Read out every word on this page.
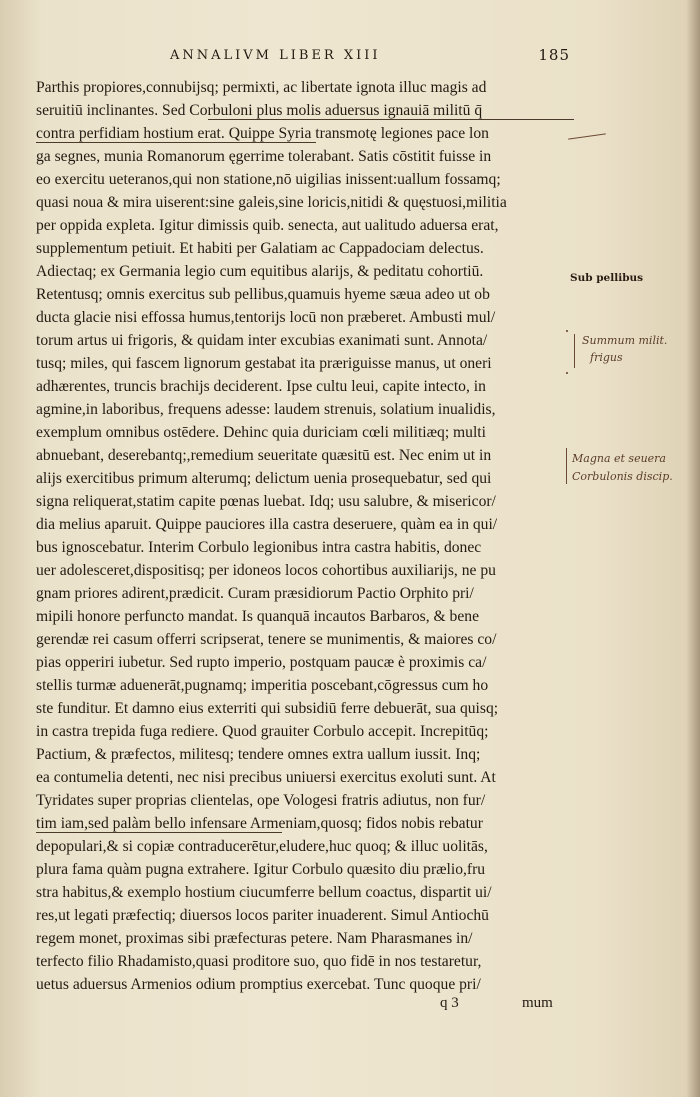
ANNALIVM LIBER XIII	185
Parthis propiores,connubijsq; permixti, ac libertate ignota illuc magis ad
seruitiū inclinantes. Sed Corbuloni plus molis aduersus ignauiā militū q̄
contra perfidiam hostium erat. Quippe Syria transmotę legiones pace lon
ga segnes, munia Romanorum ęgerrime tolerabant. Satis cōstitit fuisse in
eo exercitu ueteranos,qui non statione,nō uigilias inissent:uallum fossamq;
quasi noua & mira uiserent:sine galeis,sine loricis,nitidi & quęstuosi,militia
per oppida expleta. Igitur dimissis quib. senecta, aut ualitudo aduersa erat,
supplementum petiuit. Et habiti per Galatiam ac Cappadociam delectus.
Adiectaq; ex Germania legio cum equitibus alarijs, & peditatu cohortiū.
Retentusq; omnis exercitus sub pellibus,quamuis hyeme sæua adeo ut ob
ducta glacie nisi effossa humus,tentorijs locū non præberet. Ambusti mul/
torum artus ui frigoris, & quidam inter excubias exanimati sunt. Annota/
tusq; miles, qui fascem lignorum gestabat ita præriguisse manus, ut oneri
adhærentes, truncis brachijs deciderent. Ipse cultu leui, capite intecto, in
agmine,in laboribus, frequens adesse: laudem strenuis, solatium inualidis,
exemplum omnibus ostēdere. Dehinc quia duriciam cœli militiæq; multi
abnuebant, deserebantq;,remedium seueritate quæsitū est. Nec enim ut in
alijs exercitibus primum alterumq; delictum uenia prosequebatur, sed qui
signa reliquerat,statim capite pœnas luebat. Idq; usu salubre, & misericor/
dia melius aparuit. Quippe pauciores illa castra deseruere, quàm ea in qui/
bus ignoscebatur. Interim Corbulo legionibus intra castra habitis, donec
uer adolesceret,dispositisq; per idoneos locos cohortibus auxiliarijs, ne pu
gnam priores adirent,prædicit. Curam præsidiorum Pactio Orphito pri/
mipili honore perfuncto mandat. Is quanquā incautos Barbaros, & bene
gerendæ rei casum offerri scripserat, tenere se munimentis, & maiores co/
pias opperiri iubetur. Sed rupto imperio, postquam paucæ è proximis ca/
stellis turmæ aduenerāt,pugnamq; imperitia poscebant,cōgressus cum ho
ste funditur. Et damno eius exterriti qui subsidiū ferre debuerāt, sua quisq;
in castra trepida fuga rediere. Quod grauiter Corbulo accepit. Increpitūq;
Pactium, & præfectos, militesq; tendere omnes extra uallum iussit. Inq;
ea contumelia detenti, nec nisi precibus uniuersi exercitus exoluti sunt. At
Tyridates super proprias clientelas, ope Vologesi fratris adiutus, non fur/
tim iam,sed palàm bello infensare Armeniam,quosq; fidos nobis rebatur
depopulari,& si copiæ contraducerētur,eludere,huc quoq; & illuc uolitās,
plura fama quàm pugna extrahere. Igitur Corbulo quæsito diu prælio,fru
stra habitus,& exemplo hostium ciucumferre bellum coactus, dispartit ui/
res,ut legati præfectiq; diuersos locos pariter inuaderent. Simul Antiochū
regem monet, proximas sibi præfecturas petere. Nam Pharasmanes in/
terfecto filio Rhadamisto,quasi proditore suo, quo fidē in nos testaretur,
uetus aduersus Armenios odium promptius exercebat. Tunc quoque pri/
Sub pellibus
Summum milit.
frigus
Magna et seuera
Corbulonis discip.
q 3	mum
